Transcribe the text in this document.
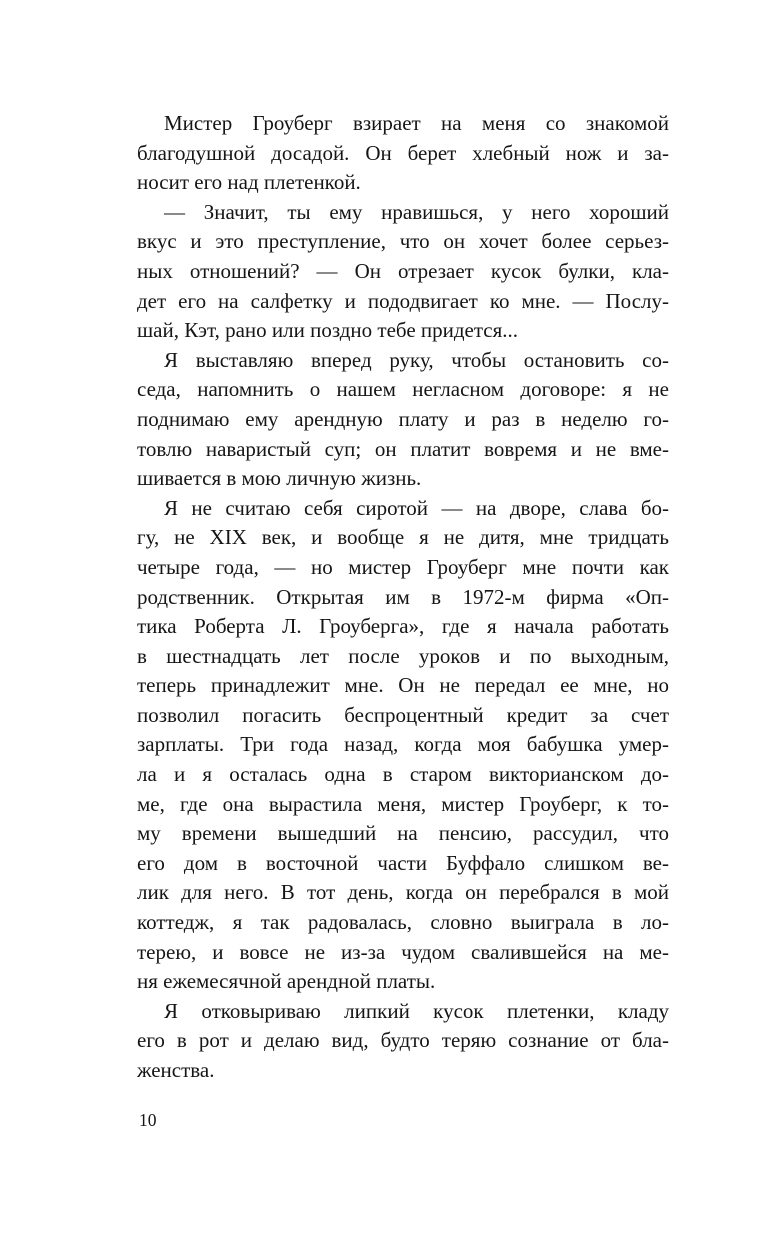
Мистер Гроуберг взирает на меня со знакомой
благодушной досадой. Он берет хлебный нож и за-
носит его над плетенкой.
— Значит, ты ему нравишься, у него хороший
вкус и это преступление, что он хочет более серьез-
ных отношений? — Он отрезает кусок булки, кла-
дет его на салфетку и пододвигает ко мне. — Послу-
шай, Кэт, рано или поздно тебе придется...
Я выставляю вперед руку, чтобы остановить со-
седа, напомнить о нашем негласном договоре: я не
поднимаю ему арендную плату и раз в неделю го-
товлю наваристый суп; он платит вовремя и не вме-
шивается в мою личную жизнь.
Я не считаю себя сиротой — на дворе, слава бо-
гу, не XIX век, и вообще я не дитя, мне тридцать
четыре года, — но мистер Гроуберг мне почти как
родственник. Открытая им в 1972-м фирма «Оп-
тика Роберта Л. Гроуберга», где я начала работать
в шестнадцать лет после уроков и по выходным,
теперь принадлежит мне. Он не передал ее мне, но
позволил погасить беспроцентный кредит за счет
зарплаты. Три года назад, когда моя бабушка умер-
ла и я осталась одна в старом викторианском до-
ме, где она вырастила меня, мистер Гроуберг, к то-
му времени вышедший на пенсию, рассудил, что
его дом в восточной части Буффало слишком ве-
лик для него. В тот день, когда он перебрался в мой
коттедж, я так радовалась, словно выиграла в ло-
терею, и вовсе не из-за чудом свалившейся на ме-
ня ежемесячной арендной платы.
Я отковыриваю липкий кусок плетенки, кладу
его в рот и делаю вид, будто теряю сознание от бла-
женства.
10
